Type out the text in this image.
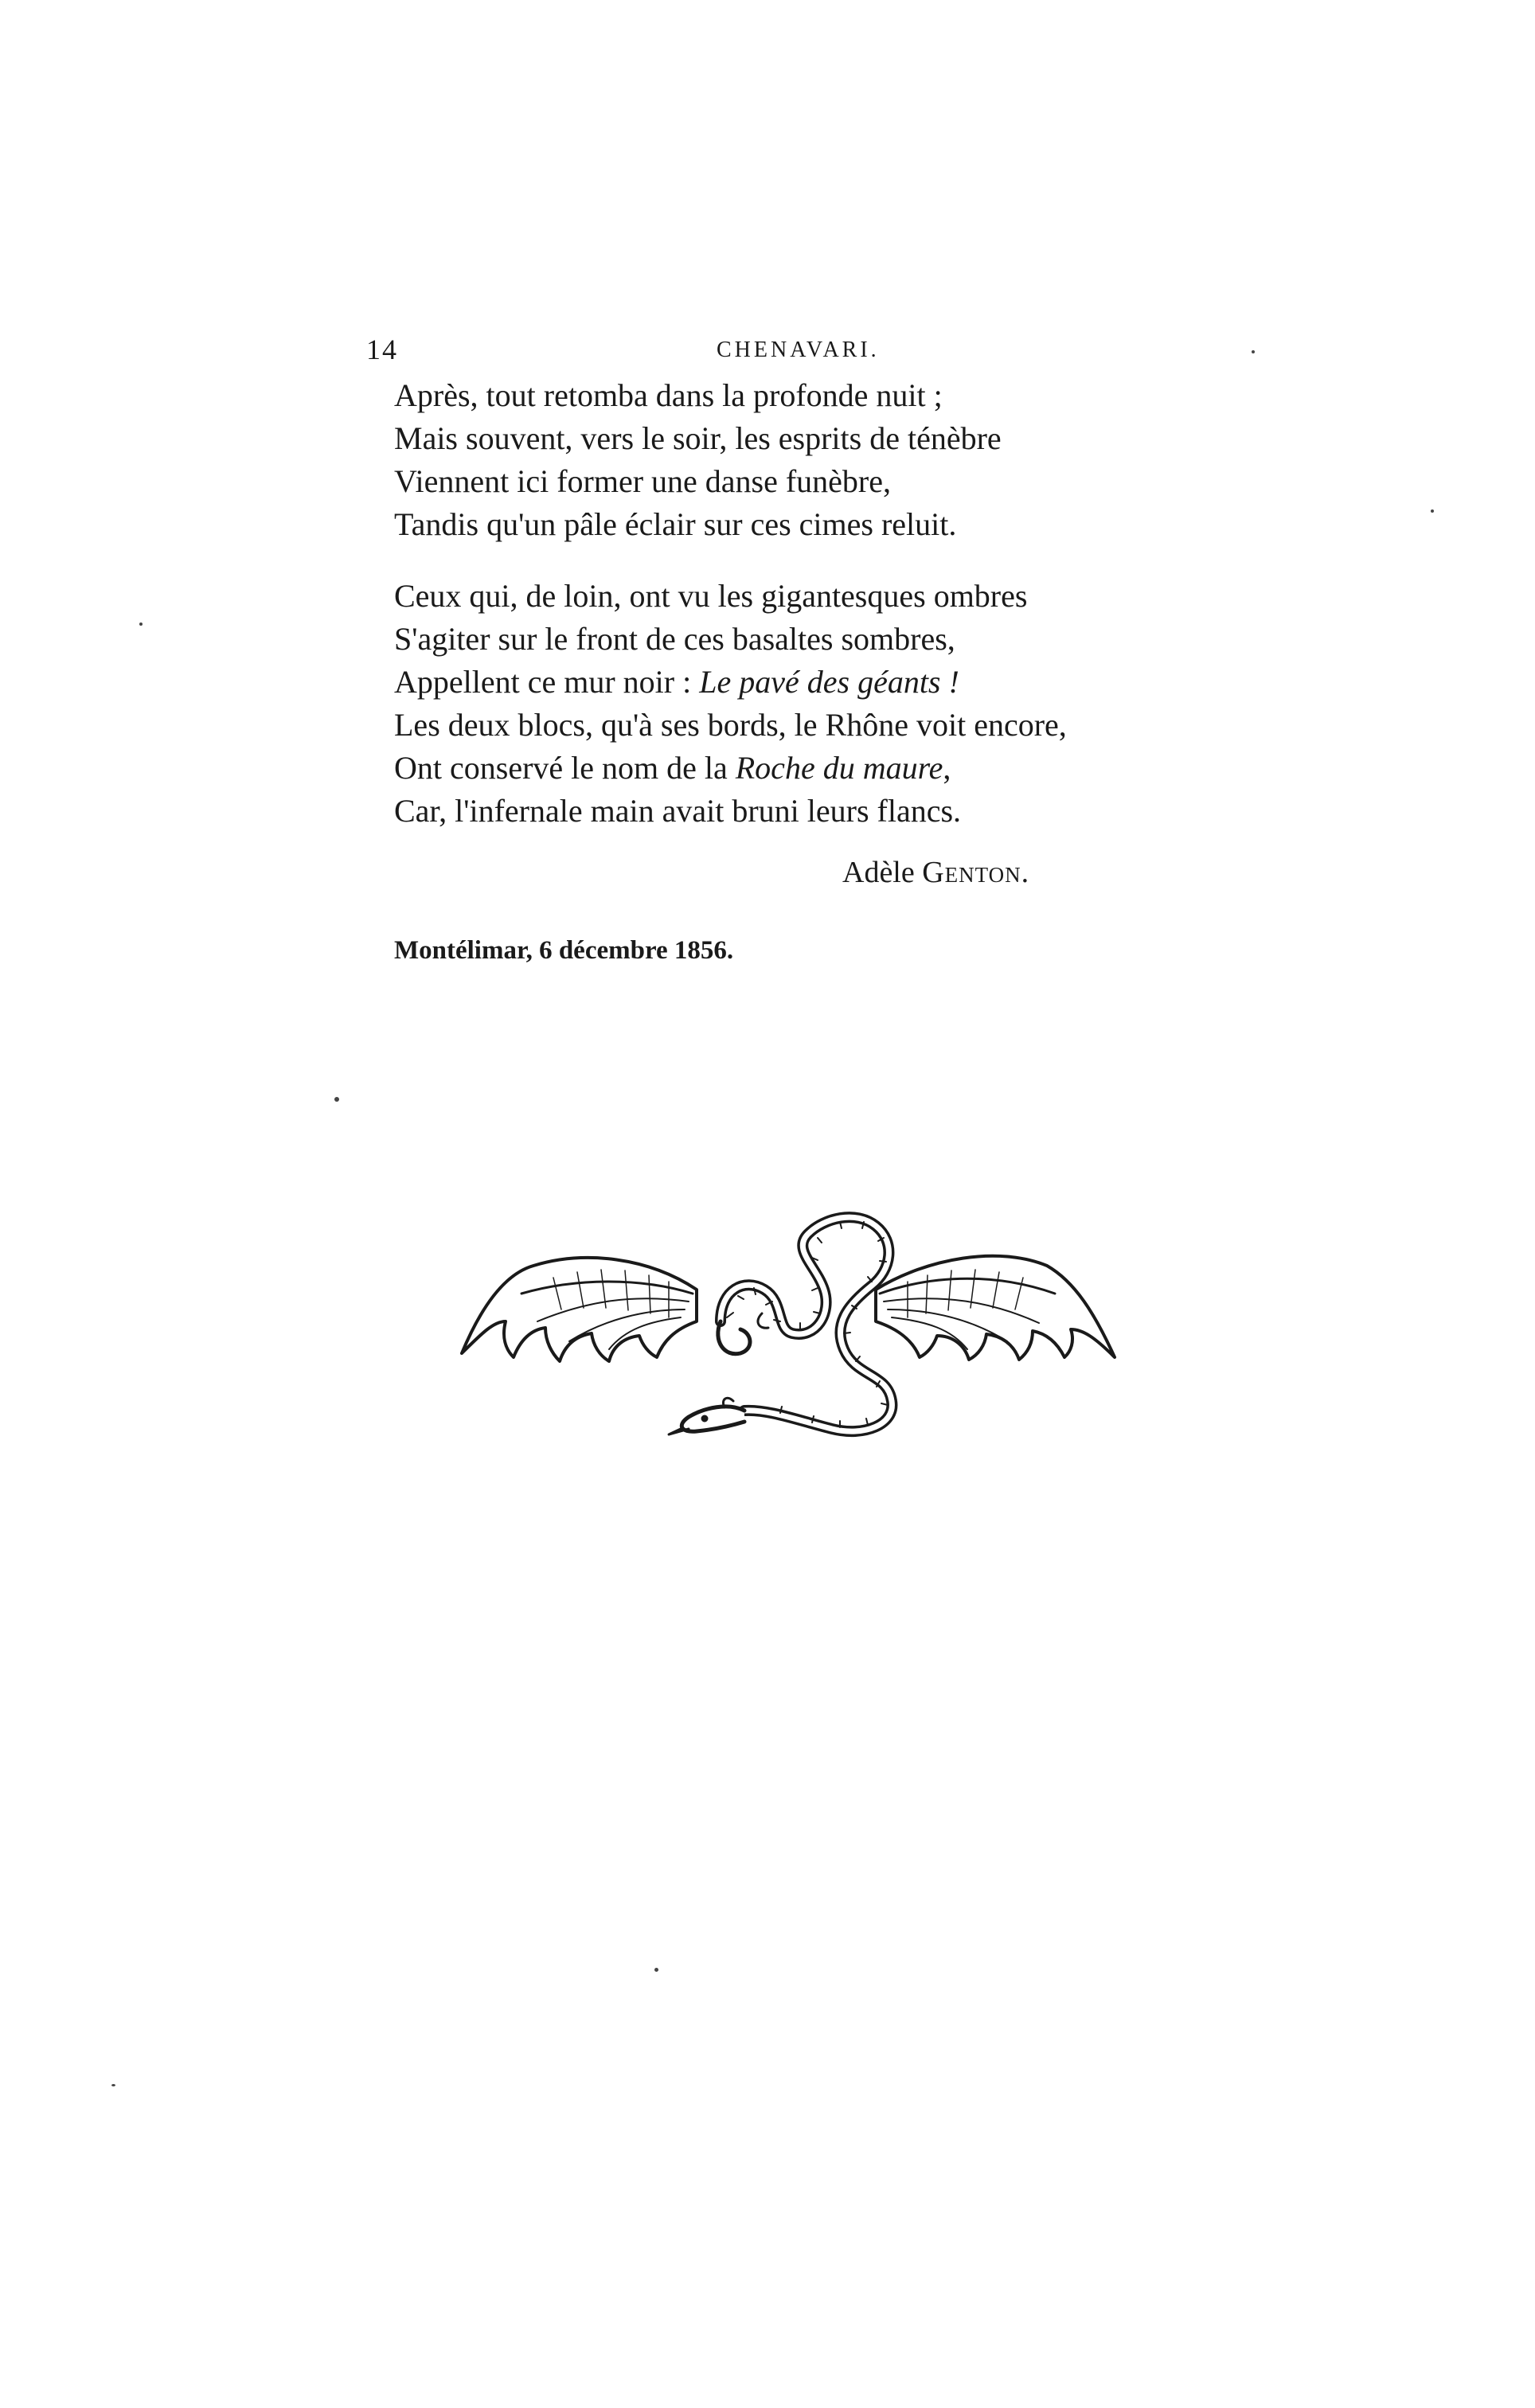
14	CHENAVARI.
Après, tout retomba dans la profonde nuit ;
Mais souvent, vers le soir, les esprits de ténèbre
Viennent ici former une danse funèbre,
Tandis qu'un pâle éclair sur ces cimes reluit.
Ceux qui, de loin, ont vu les gigantesques ombres
S'agiter sur le front de ces basaltes sombres,
Appellent ce mur noir : Le pavé des géants !
Les deux blocs, qu'à ses bords, le Rhône voit encore,
Ont conservé le nom de la Roche du maure,
Car, l'infernale main avait bruni leurs flancs.
Adèle Genton.
Montélimar, 6 décembre 1856.
